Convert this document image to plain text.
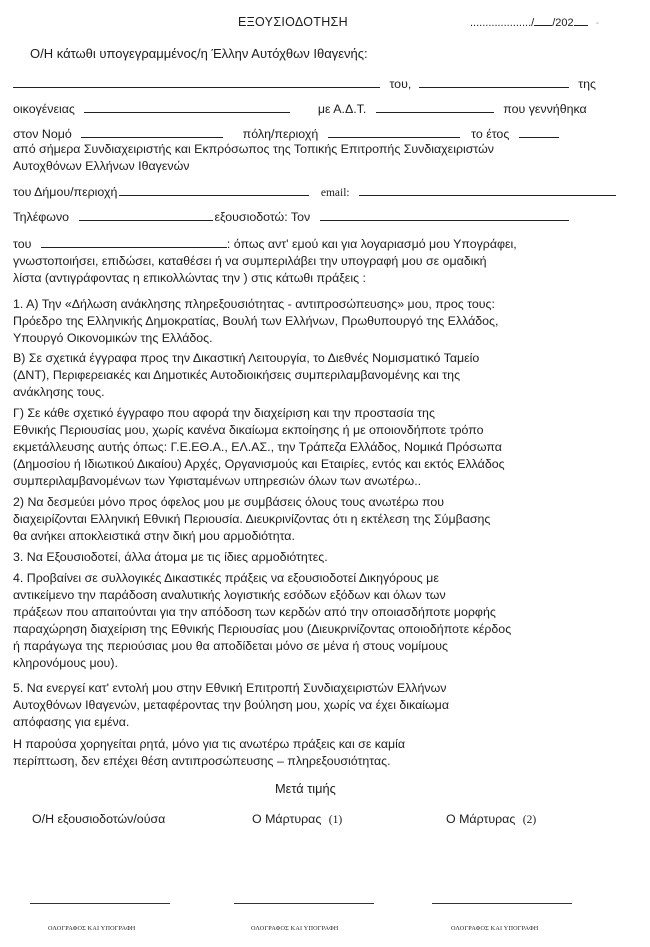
ΕΞΟΥΣΙΟΔΟΤΗΣΗ	..................../ /202 -
Ο/Η κάτωθι υπογεγραμμένος/η Έλλην Αυτόχθων Ιθαγενής:
του,	της
οικογένειας	με Α.Δ.Τ.	που γεννήθηκα
στον Νομό	πόλη/περιοχή	το έτος
από σήμερα Συνδιαχειριστής και Εκπρόσωπος της Τοπικής Επιτροπής Συνδιαχειριστών
Αυτοχθόνων Ελλήνων Ιθαγενών
του Δήμου/περιοχή	email:
Τηλέφωνο	εξουσιοδοτώ: Τον
του	: όπως αντ' εμού και για λογαριασμό μου Υπογράφει,
γνωστοποιήσει, επιδώσει, καταθέσει ή να συμπεριλάβει την υπογραφή μου σε ομαδική
λίστα (αντιγράφοντας η επικολλώντας την ) στις κάτωθι πράξεις :
1. Α) Την «Δήλωση ανάκλησης πληρεξουσιότητας - αντιπροσώπευσης» μου, προς τους:
Πρόεδρο της Ελληνικής Δημοκρατίας, Βουλή των Ελλήνων, Πρωθυπουργό της Ελλάδος,
Υπουργό Οικονομικών της Ελλάδος.
Β) Σε σχετικά έγγραφα προς την Δικαστική Λειτουργία, το Διεθνές Νομισματικό Ταμείο
(ΔΝΤ), Περιφερειακές και Δημοτικές Αυτοδιοικήσεις συμπεριλαμβανομένης και της
ανάκλησης τους.
Γ) Σε κάθε σχετικό έγγραφο που αφορά την διαχείριση και την προστασία της
Εθνικής Περιουσίας μου, χωρίς κανένα δικαίωμα εκποίησης ή με οποιονδήποτε τρόπο
εκμετάλλευσης αυτής όπως: Γ.Ε.ΕΘ.Α., ΕΛ.ΑΣ., την Τράπεζα Ελλάδος, Νομικά Πρόσωπα
(Δημοσίου ή Ιδιωτικού Δικαίου) Αρχές, Οργανισμούς και Εταιρίες, εντός και εκτός Ελλάδος
συμπεριλαμβανομένων των Υφισταμένων υπηρεσιών όλων των ανωτέρω..
2) Να δεσμεύει μόνο προς όφελος μου με συμβάσεις όλους τους ανωτέρω που
διαχειρίζονται Ελληνική Εθνική Περιουσία. Διευκρινίζοντας ότι η εκτέλεση της Σύμβασης
θα ανήκει αποκλειστικά στην δική μου αρμοδιότητα.
3. Να Εξουσιοδοτεί, άλλα άτομα με τις ίδιες αρμοδιότητες.
4. Προβαίνει σε συλλογικές Δικαστικές πράξεις να εξουσιοδοτεί Δικηγόρους με
αντικείμενο την παράδοση αναλυτικής λογιστικής εσόδων εξόδων και όλων των
πράξεων που απαιτούνται για την απόδοση των κερδών από την οποιασδήποτε μορφής
παραχώρηση διαχείριση της Εθνικής Περιουσίας μου (Διευκρινίζοντας οποιοδήποτε κέρδος
ή παράγωγα της περιούσιας μου θα αποδίδεται μόνο σε μένα ή στους νομίμους
κληρονόμους μου).
5. Να ενεργεί κατ' εντολή μου στην Εθνική Επιτροπή Συνδιαχειριστών Ελλήνων
Αυτοχθόνων Ιθαγενών, μεταφέροντας την βούληση μου, χωρίς να έχει δικαίωμα
απόφασης για εμένα.
Η παρούσα χορηγείται ρητά, μόνο για τις ανωτέρω πράξεις και σε καμία
περίπτωση, δεν επέχει θέση αντιπροσώπευσης – πληρεξουσιότητας.
Μετά τιμής
Ο/Η εξουσιοδοτών/ούσα	Ο Μάρτυρας (1)	Ο Μάρτυρας (2)
ΟΛΟΓΡΑΦΟΣ ΚΑΙ ΥΠΟΓΡΑΦΗ	ΟΛΟΓΡΑΦΟΣ ΚΑΙ ΥΠΟΓΡΑΦΗ	ΟΛΟΓΡΑΦΟΣ ΚΑΙ ΥΠΟΓΡΑΦΗ
